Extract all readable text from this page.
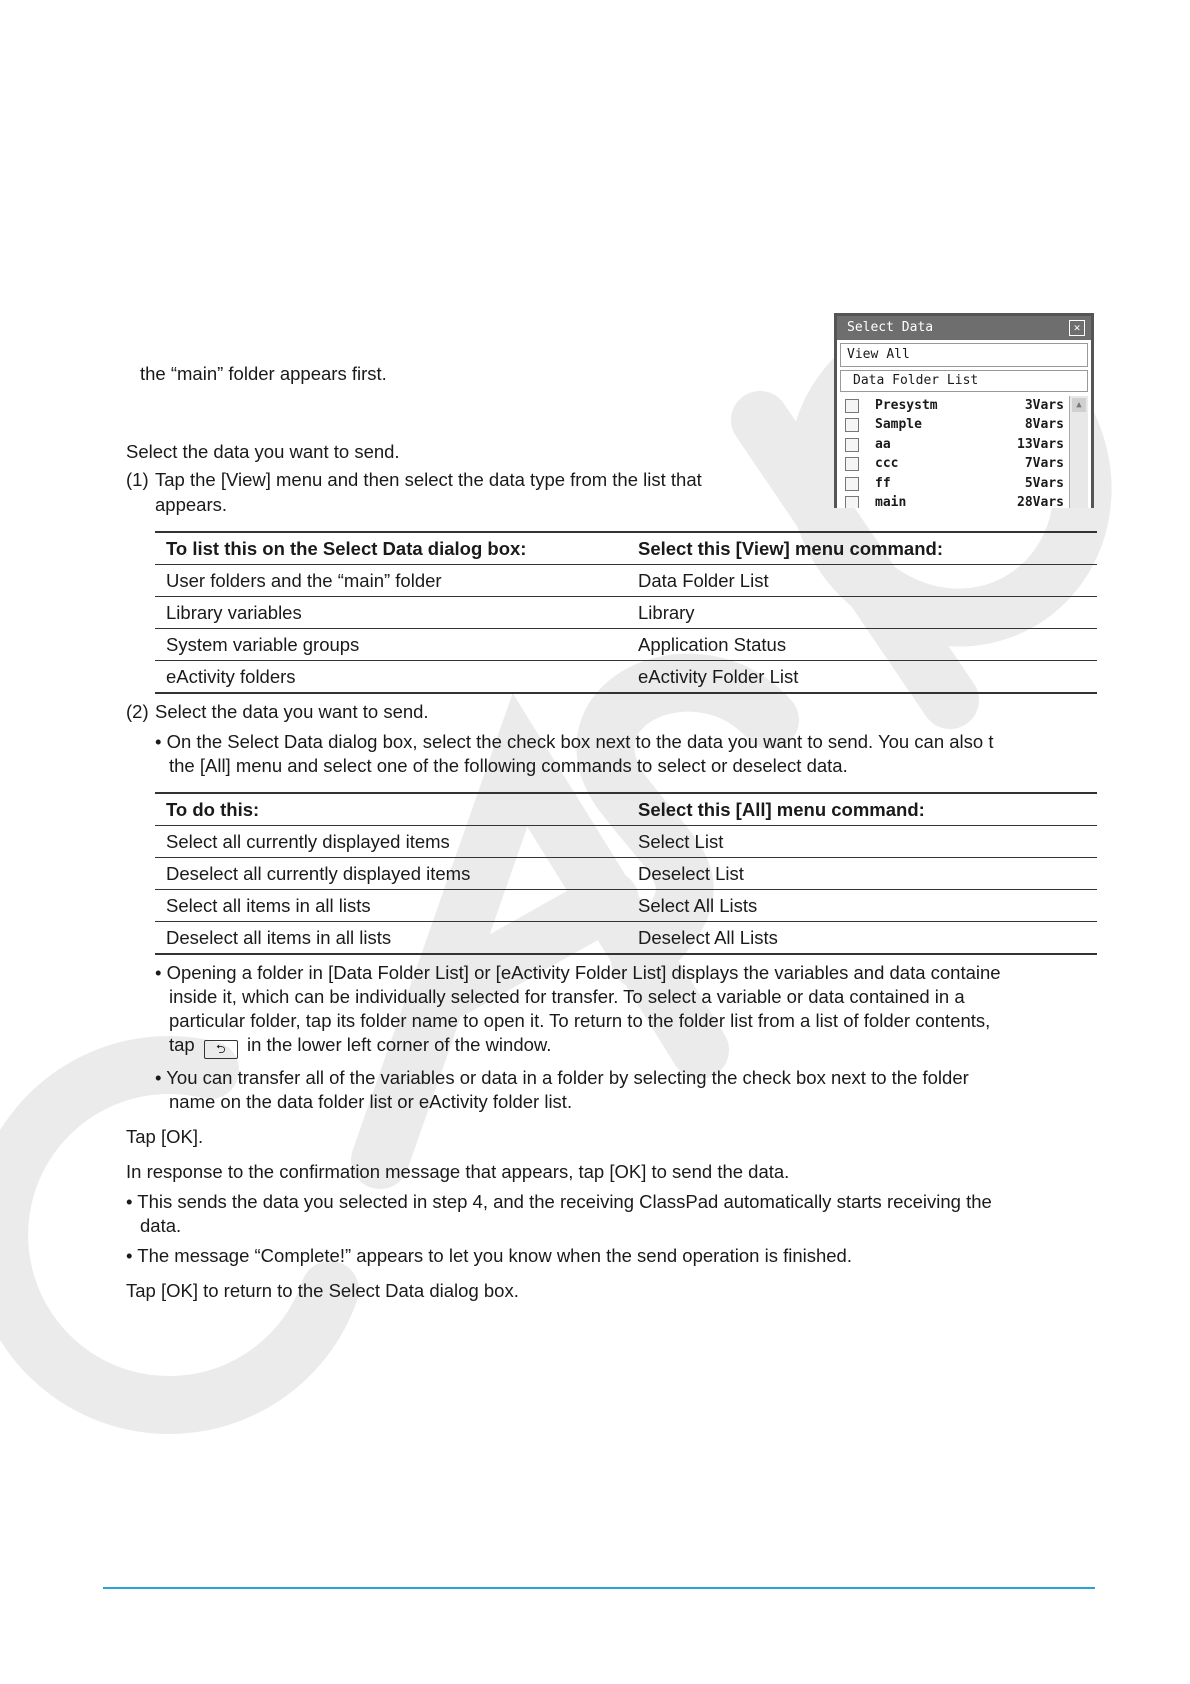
the “main” folder appears first.
Select Data	✕
View All
Data Folder List
Presystm	3Vars
Sample	8Vars
aa	13Vars
ccc	7Vars
ff	5Vars
main	28Vars
▲
Select the data you want to send.
(1) Tap the [View] menu and then select the data type from the list that
appears.
To list this on the Select Data dialog box:	Select this [View] menu command:
User folders and the “main” folder	Data Folder List
Library variables	Library
System variable groups	Application Status
eActivity folders	eActivity Folder List
(2) Select the data you want to send.
• On the Select Data dialog box, select the check box next to the data you want to send. You can also t
the [All] menu and select one of the following commands to select or deselect data.
To do this:	Select this [All] menu command:
Select all currently displayed items	Select List
Deselect all currently displayed items	Deselect List
Select all items in all lists	Select All Lists
Deselect all items in all lists	Deselect All Lists
• Opening a folder in [Data Folder List] or [eActivity Folder List] displays the variables and data containe
inside it, which can be individually selected for transfer. To select a variable or data contained in a
particular folder, tap its folder name to open it. To return to the folder list from a list of folder contents,
tap ⮌ in the lower left corner of the window.
• You can transfer all of the variables or data in a folder by selecting the check box next to the folder
name on the data folder list or eActivity folder list.
Tap [OK].
In response to the confirmation message that appears, tap [OK] to send the data.
• This sends the data you selected in step 4, and the receiving ClassPad automatically starts receiving the
data.
• The message “Complete!” appears to let you know when the send operation is finished.
Tap [OK] to return to the Select Data dialog box.
